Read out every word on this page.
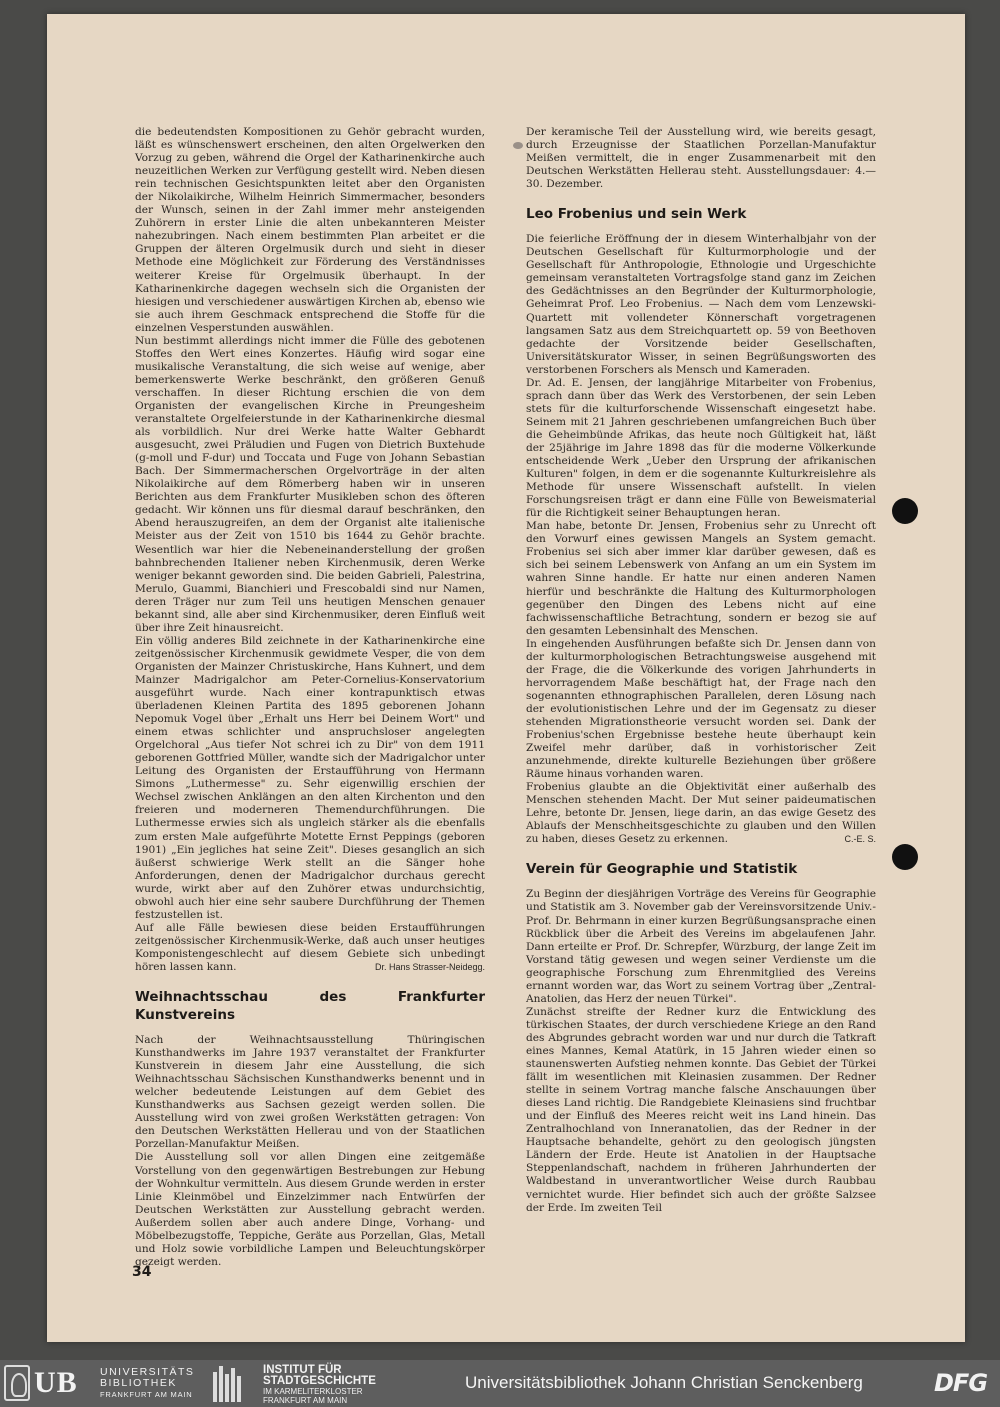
die bedeutendsten Kompositionen zu Gehör gebracht wurden, läßt es wünschenswert erscheinen, den alten Orgelwerken den Vorzug zu geben, während die Orgel der Katharinenkirche auch neuzeitlichen Werken zur Verfügung gestellt wird. Neben diesen rein technischen Gesichtspunkten leitet aber den Organisten der Nikolaikirche, Wilhelm Heinrich Simmermacher, besonders der Wunsch, seinen in der Zahl immer mehr ansteigenden Zuhörern in erster Linie die alten unbekannteren Meister nahezubringen. Nach einem bestimmten Plan arbeitet er die Gruppen der älteren Orgelmusik durch und sieht in dieser Methode eine Möglichkeit zur Förderung des Verständnisses weiterer Kreise für Orgelmusik überhaupt. In der Katharinenkirche dagegen wechseln sich die Organisten der hiesigen und verschiedener auswärtigen Kirchen ab, ebenso wie sie auch ihrem Geschmack entsprechend die Stoffe für die einzelnen Vesperstunden auswählen.

Nun bestimmt allerdings nicht immer die Fülle des gebotenen Stoffes den Wert eines Konzertes. Häufig wird sogar eine musikalische Veranstaltung, die sich weise auf wenige, aber bemerkenswerte Werke beschränkt, den größeren Genuß verschaffen. In dieser Richtung erschien die von dem Organisten der evangelischen Kirche in Preungesheim veranstaltete Orgelfeierstunde in der Katharinenkirche diesmal als vorbildlich. Nur drei Werke hatte Walter Gebhardt ausgesucht, zwei Präludien und Fugen von Dietrich Buxtehude (g-moll und F-dur) und Toccata und Fuge von Johann Sebastian Bach. Der Simmermacherschen Orgelvorträge in der alten Nikolaikirche auf dem Römerberg haben wir in unseren Berichten aus dem Frankfurter Musikleben schon des öfteren gedacht. Wir können uns für diesmal darauf beschränken, den Abend herauszugreifen, an dem der Organist alte italienische Meister aus der Zeit von 1510 bis 1644 zu Gehör brachte. Wesentlich war hier die Nebeneinanderstellung der großen bahnbrechenden Italiener neben Kirchenmusik, deren Werke weniger bekannt geworden sind. Die beiden Gabrieli, Palestrina, Merulo, Guammi, Bianchieri und Frescobaldi sind nur Namen, deren Träger nur zum Teil uns heutigen Menschen genauer bekannt sind, alle aber sind Kirchenmusiker, deren Einfluß weit über ihre Zeit hinausreicht.

Ein völlig anderes Bild zeichnete in der Katharinenkirche eine zeitgenössischer Kirchenmusik gewidmete Vesper, die von dem Organisten der Mainzer Christuskirche, Hans Kuhnert, und dem Mainzer Madrigalchor am Peter-Cornelius-Konservatorium ausgeführt wurde. Nach einer kontrapunktisch etwas überladenen Kleinen Partita des 1895 geborenen Johann Nepomuk Vogel über „Erhalt uns Herr bei Deinem Wort" und einem etwas schlichter und anspruchsloser angelegten Orgelchoral „Aus tiefer Not schrei ich zu Dir" von dem 1911 geborenen Gottfried Müller, wandte sich der Madrigalchor unter Leitung des Organisten der Erstaufführung von Hermann Simons „Luthermesse" zu. Sehr eigenwillig erschien der Wechsel zwischen Anklängen an den alten Kirchenton und den freieren und moderneren Themendurchführungen. Die Luthermesse erwies sich als ungleich stärker als die ebenfalls zum ersten Male aufgeführte Motette Ernst Peppings (geboren 1901) „Ein jegliches hat seine Zeit". Dieses gesanglich an sich äußerst schwierige Werk stellt an die Sänger hohe Anforderungen, denen der Madrigalchor durchaus gerecht wurde, wirkt aber auf den Zuhörer etwas undurchsichtig, obwohl auch hier eine sehr saubere Durchführung der Themen festzustellen ist.

Auf alle Fälle bewiesen diese beiden Erstaufführungen zeitgenössischer Kirchenmusik-Werke, daß auch unser heutiges Komponistengeschlecht auf diesem Gebiete sich unbedingt hören lassen kann.	Dr. Hans Strasser-Neidegg.

Weihnachtsschau des Frankfurter Kunstvereins

Nach der Weihnachtsausstellung Thüringischen Kunsthandwerks im Jahre 1937 veranstaltet der Frankfurter Kunstverein in diesem Jahr eine Ausstellung, die sich Weihnachtsschau Sächsischen Kunsthandwerks benennt und in welcher bedeutende Leistungen auf dem Gebiet des Kunsthandwerks aus Sachsen gezeigt werden sollen. Die Ausstellung wird von zwei großen Werkstätten getragen: Von den Deutschen Werkstätten Hellerau und von der Staatlichen Porzellan-Manufaktur Meißen.

Die Ausstellung soll vor allen Dingen eine zeitgemäße Vorstellung von den gegenwärtigen Bestrebungen zur Hebung der Wohnkultur vermitteln. Aus diesem Grunde werden in erster Linie Kleinmöbel und Einzelzimmer nach Entwürfen der Deutschen Werkstätten zur Ausstellung gebracht werden. Außerdem sollen aber auch andere Dinge, Vorhang- und Möbelbezugstoffe, Teppiche, Geräte aus Porzellan, Glas, Metall und Holz sowie vorbildliche Lampen und Beleuchtungskörper gezeigt werden.

Der keramische Teil der Ausstellung wird, wie bereits gesagt, durch Erzeugnisse der Staatlichen Porzellan-Manufaktur Meißen vermittelt, die in enger Zusammenarbeit mit den Deutschen Werkstätten Hellerau steht. Ausstellungsdauer: 4.—30. Dezember.

Leo Frobenius und sein Werk

Die feierliche Eröffnung der in diesem Winterhalbjahr von der Deutschen Gesellschaft für Kulturmorphologie und der Gesellschaft für Anthropologie, Ethnologie und Urgeschichte gemeinsam veranstalteten Vortragsfolge stand ganz im Zeichen des Gedächtnisses an den Begründer der Kulturmorphologie, Geheimrat Prof. Leo Frobenius. — Nach dem vom Lenzewski-Quartett mit vollendeter Könnerschaft vorgetragenen langsamen Satz aus dem Streichquartett op. 59 von Beethoven gedachte der Vorsitzende beider Gesellschaften, Universitätskurator Wisser, in seinen Begrüßungsworten des verstorbenen Forschers als Mensch und Kameraden.

Dr. Ad. E. Jensen, der langjährige Mitarbeiter von Frobenius, sprach dann über das Werk des Verstorbenen, der sein Leben stets für die kulturforschende Wissenschaft eingesetzt habe. Seinem mit 21 Jahren geschriebenen umfangreichen Buch über die Geheimbünde Afrikas, das heute noch Gültigkeit hat, läßt der 25jährige im Jahre 1898 das für die moderne Völkerkunde entscheidende Werk „Ueber den Ursprung der afrikanischen Kulturen" folgen, in dem er die sogenannte Kulturkreislehre als Methode für unsere Wissenschaft aufstellt. In vielen Forschungsreisen trägt er dann eine Fülle von Beweismaterial für die Richtigkeit seiner Behauptungen heran.

Man habe, betonte Dr. Jensen, Frobenius sehr zu Unrecht oft den Vorwurf eines gewissen Mangels an System gemacht. Frobenius sei sich aber immer klar darüber gewesen, daß es sich bei seinem Lebenswerk von Anfang an um ein System im wahren Sinne handle. Er hatte nur einen anderen Namen hierfür und beschränkte die Haltung des Kulturmorphologen gegenüber den Dingen des Lebens nicht auf eine fachwissenschaftliche Betrachtung, sondern er bezog sie auf den gesamten Lebensinhalt des Menschen.

In eingehenden Ausführungen befaßte sich Dr. Jensen dann von der kulturmorphologischen Betrachtungsweise ausgehend mit der Frage, die die Völkerkunde des vorigen Jahrhunderts in hervorragendem Maße beschäftigt hat, der Frage nach den sogenannten ethnographischen Parallelen, deren Lösung nach der evolutionistischen Lehre und der im Gegensatz zu dieser stehenden Migrationstheorie versucht worden sei. Dank der Frobenius'schen Ergebnisse bestehe heute überhaupt kein Zweifel mehr darüber, daß in vorhistorischer Zeit anzunehmende, direkte kulturelle Beziehungen über größere Räume hinaus vorhanden waren.

Frobenius glaubte an die Objektivität einer außerhalb des Menschen stehenden Macht. Der Mut seiner paideumatischen Lehre, betonte Dr. Jensen, liege darin, an das ewige Gesetz des Ablaufs der Menschheitsgeschichte zu glauben und den Willen zu haben, dieses Gesetz zu erkennen.	C.-E. S.

Verein für Geographie und Statistik

Zu Beginn der diesjährigen Vorträge des Vereins für Geographie und Statistik am 3. November gab der Vereinsvorsitzende Univ.-Prof. Dr. Behrmann in einer kurzen Begrüßungsansprache einen Rückblick über die Arbeit des Vereins im abgelaufenen Jahr. Dann erteilte er Prof. Dr. Schrepfer, Würzburg, der lange Zeit im Vorstand tätig gewesen und wegen seiner Verdienste um die geographische Forschung zum Ehrenmitglied des Vereins ernannt worden war, das Wort zu seinem Vortrag über „Zentral-Anatolien, das Herz der neuen Türkei".

Zunächst streifte der Redner kurz die Entwicklung des türkischen Staates, der durch verschiedene Kriege an den Rand des Abgrundes gebracht worden war und nur durch die Tatkraft eines Mannes, Kemal Atatürk, in 15 Jahren wieder einen so staunenswerten Aufstieg nehmen konnte. Das Gebiet der Türkei fällt im wesentlichen mit Kleinasien zusammen. Der Redner stellte in seinem Vortrag manche falsche Anschauungen über dieses Land richtig. Die Randgebiete Kleinasiens sind fruchtbar und der Einfluß des Meeres reicht weit ins Land hinein. Das Zentralhochland von Inneranatolien, das der Redner in der Hauptsache behandelte, gehört zu den geologisch jüngsten Ländern der Erde. Heute ist Anatolien in der Hauptsache Steppenlandschaft, nachdem in früheren Jahrhunderten der Waldbestand in unverantwortlicher Weise durch Raubbau vernichtet wurde. Hier befindet sich auch der größte Salzsee der Erde. Im zweiten Teil

34
UB UNIVERSITÄTS
BIBLIOTHEK
FRANKFURT AM MAIN
INSTITUT FÜR
STADTGESCHICHTE
IM KARMELITERKLOSTER
FRANKFURT AM MAIN
Universitätsbibliothek Johann Christian Senckenberg	DFG
